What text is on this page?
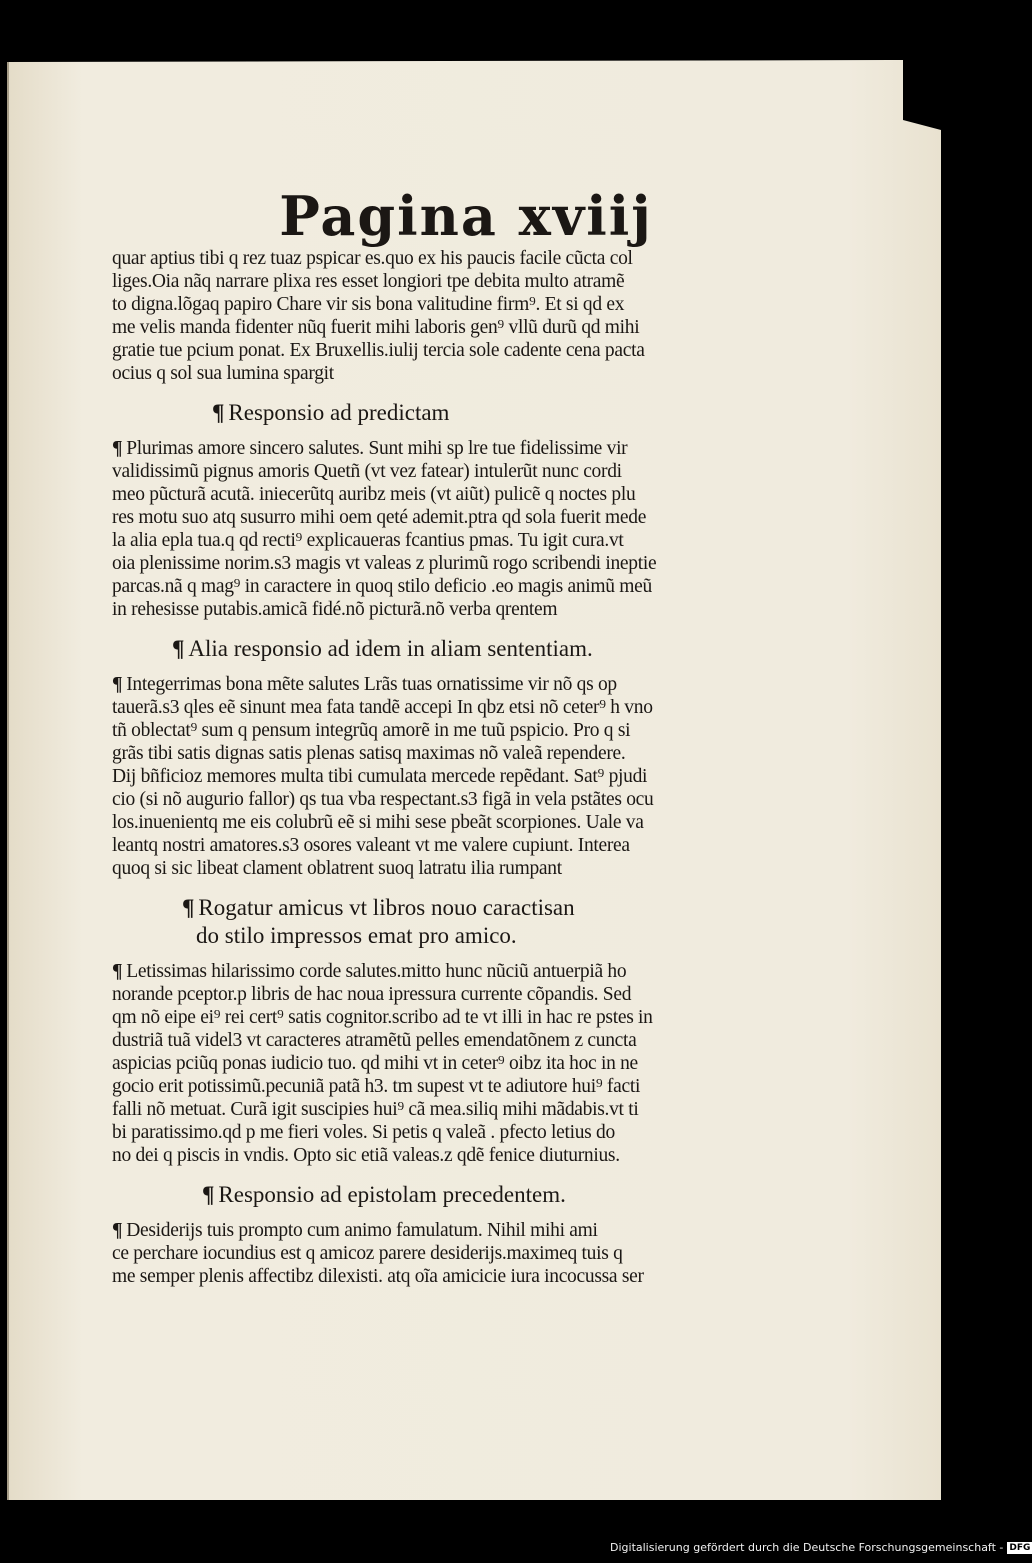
Pagina xviij
quar aptius tibi q rez tuaz pspicar es.quo ex his paucis facile cũcta col
liges.Oia nãq narrare plixa res esset longiori tpe debita multo atramẽ
to digna.lõgaq papiro Chare vir sis bona valitudine firm⁹. Et si qd ex
me velis manda fidenter nũq fuerit mihi laboris gen⁹ vllũ durũ qd mihi
gratie tue pcium ponat. Ex Bruxellis.iulij tercia sole cadente cena pacta
ocius q sol sua lumina spargit
¶ Responsio ad predictam
¶ Plurimas amore sincero salutes. Sunt mihi sp lre tue fidelissime vir
validissimũ pignus amoris Quetñ (vt vez fatear) intulerũt nunc cordi
meo pũcturã acutã. iniecerũtq auribz meis (vt aiũt) pulicẽ q noctes plu
res motu suo atq susurro mihi oem qeté ademit.ptra qd sola fuerit mede
la alia epla tua.q qd recti⁹ explicaueras fcantius pmas. Tu igit cura.vt
oia plenissime norim.s3 magis vt valeas z plurimũ rogo scribendi ineptie
parcas.nã q mag⁹ in caractere in quoq stilo deficio .eo magis animũ meũ
in rehesisse putabis.amicã fidé.nõ picturã.nõ verba qrentem
¶ Alia responsio ad idem in aliam sententiam.
¶ Integerrimas bona mẽte salutes Lrãs tuas ornatissime vir nõ qs op
tauerã.s3 qles eẽ sinunt mea fata tandẽ accepi In qbz etsi nõ ceter⁹ h vno
tñ oblectat⁹ sum q pensum integrũq amorẽ in me tuũ pspicio. Pro q si
grãs tibi satis dignas satis plenas satisq maximas nõ valeã rependere.
Dij bñficioz memores multa tibi cumulata mercede repẽdant. Sat⁹ pjudi
cio (si nõ augurio fallor) qs tua vba respectant.s3 figã in vela pstãtes ocu
los.inuenientq me eis colubrũ eẽ si mihi sese pbeãt scorpiones. Uale va
leantq nostri amatores.s3 osores valeant vt me valere cupiunt. Interea
quoq si sic libeat clament oblatrent suoq latratu ilia rumpant
¶ Rogatur amicus vt libros nouo caractisan
do stilo impressos emat pro amico.
¶ Letissimas hilarissimo corde salutes.mitto hunc nũciũ antuerpiã ho
norande pceptor.p libris de hac noua ipressura currente cõpandis. Sed
qm nõ eipe ei⁹ rei cert⁹ satis cognitor.scribo ad te vt illi in hac re pstes in
dustriã tuã videl3 vt caracteres atramẽtũ pelles emendatõnem z cuncta
aspicias pciũq ponas iudicio tuo. qd mihi vt in ceter⁹ oibz ita hoc in ne
gocio erit potissimũ.pecuniã patã h3. tm supest vt te adiutore hui⁹ facti
falli nõ metuat. Curã igit suscipies hui⁹ cã mea.siliq mihi mãdabis.vt ti
bi paratissimo.qd p me fieri voles. Si petis q valeã . pfecto letius do
no dei q piscis in vndis. Opto sic etiã valeas.z qdẽ fenice diuturnius.
¶ Responsio ad epistolam precedentem.
¶ Desiderijs tuis prompto cum animo famulatum. Nihil mihi ami
ce perchare iocundius est q amicoz parere desiderijs.maximeq tuis q
me semper plenis affectibz dilexisti. atq oĩa amicicie iura incocussa ser
Digitalisierung gefördert durch die Deutsche Forschungsgemeinschaft - DFG
